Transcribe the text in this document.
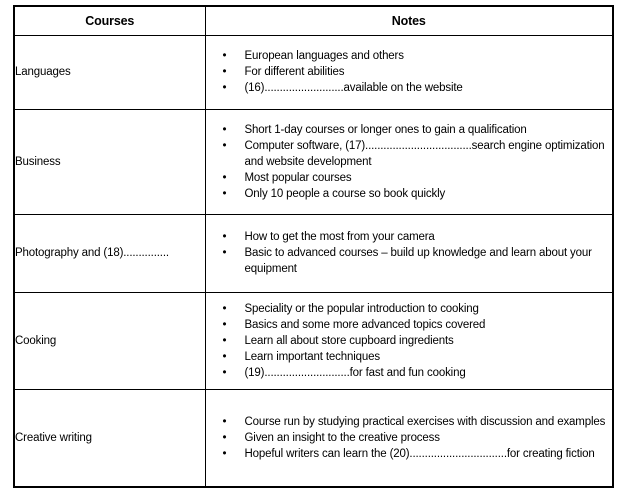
Courses	Notes
Languages	
• European languages and others
• For different abilities
• (16)..........................available on the website

Business	
• Short 1-day courses or longer ones to gain a qualification
• Computer software, (17)...................................search engine optimization and website development
• Most popular courses
• Only 10 people a course so book quickly

Photography and (18)...............	
• How to get the most from your camera
• Basic to advanced courses – build up knowledge and learn about your equipment

Cooking	
• Speciality or the popular introduction to cooking
• Basics and some more advanced topics covered
• Learn all about store cupboard ingredients
• Learn important techniques
• (19)............................for fast and fun cooking

Creative writing	
• Course run by studying practical exercises with discussion and examples
• Given an insight to the creative process
• Hopeful writers can learn the (20)................................for creating fiction
